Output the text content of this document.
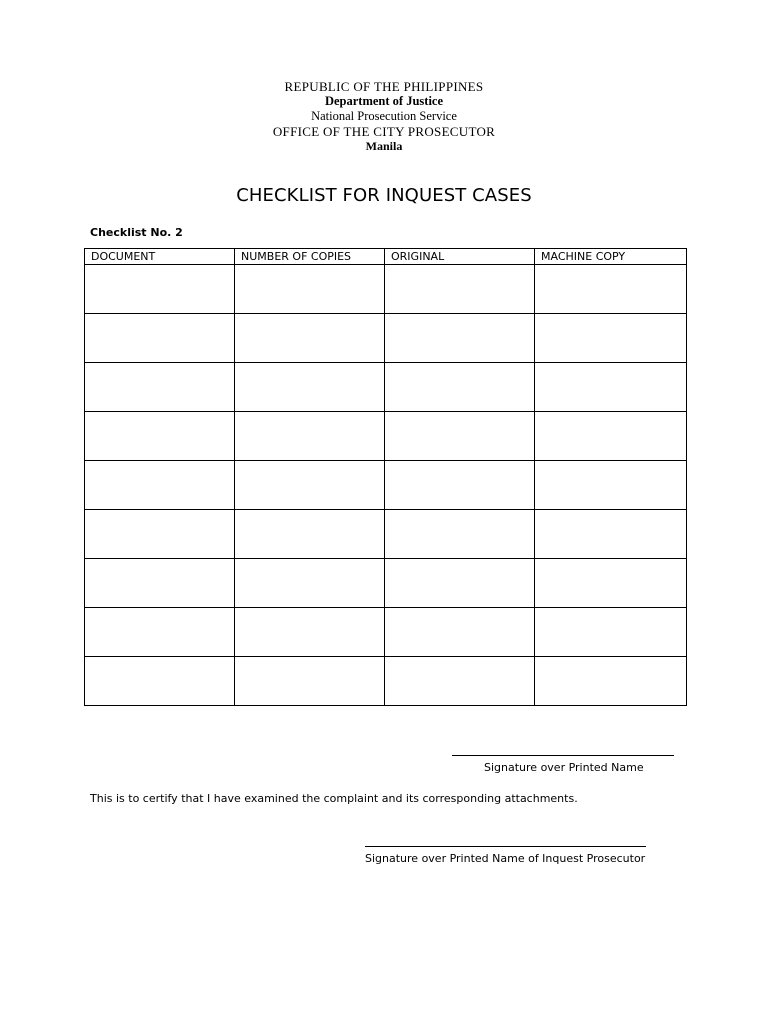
REPUBLIC OF THE PHILIPPINES
Department of Justice
National Prosecution Service
OFFICE OF THE CITY PROSECUTOR
Manila
CHECKLIST FOR INQUEST CASES
Checklist No. 2
DOCUMENT	NUMBER OF COPIES	ORIGINAL	MACHINE COPY

Signature over Printed Name
This is to certify that I have examined the complaint and its corresponding attachments.
Signature over Printed Name of Inquest Prosecutor
